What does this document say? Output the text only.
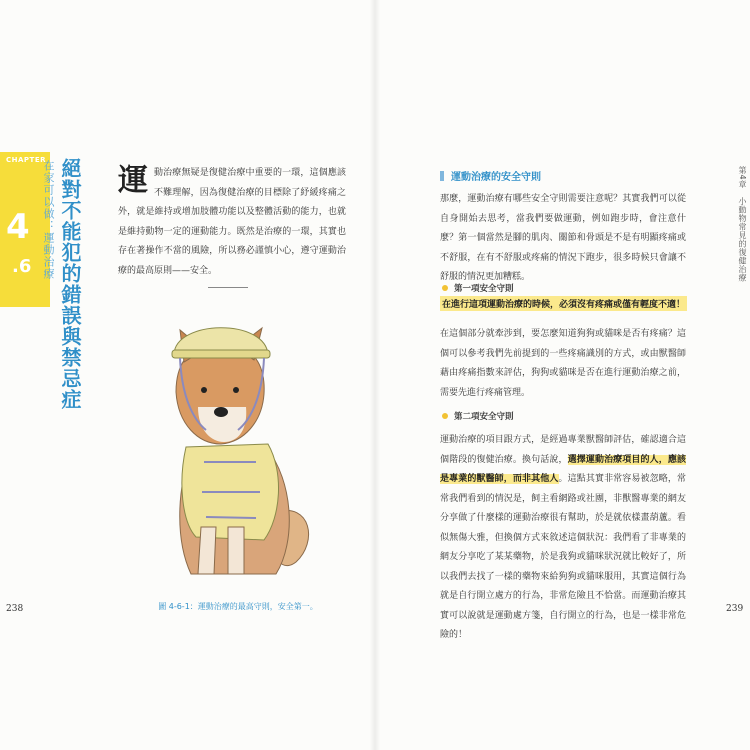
CHAPTER
4
.6 絕對不能犯的錯誤與禁忌症
在家可以做：運動治療 運動治療無疑是復健治療中重要的一環，這個應該不難理解，因為復健治療的目標除了紓緩疼痛之外，就是維持或增加肢體功能以及整體活動的能力，也就是維持動物一定的運動能力。既然是治療的一環，其實也存在著操作不當的風險，所以務必謹慎小心，遵守運動治療的最高原則——安全。
圖 4-6-1：運動治療的最高守則，安全第一。
238
第4章　小動物常見的復健治療
運動治療的安全守則
那麼，運動治療有哪些安全守則需要注意呢？其實我們可以從自身開始去思考，當我們要做運動，例如跑步時，會注意什麼？第一個當然是腳的肌肉、關節和骨頭是不是有明顯疼痛或不舒服，在有不舒服或疼痛的情況下跑步，很多時候只會讓不舒服的情況更加糟糕。
第一項安全守則
在進行這項運動治療的時候，必須沒有疼痛或僅有輕度不適！
在這個部分就牽涉到，要怎麼知道狗狗或貓咪是否有疼痛？這個可以參考我們先前提到的一些疼痛識別的方式，或由獸醫師藉由疼痛指數來評估，狗狗或貓咪是否在進行運動治療之前，需要先進行疼痛管理。
第二項安全守則
運動治療的項目跟方式，是經過專業獸醫師評估，確認適合這個階段的復健治療。換句話說，選擇運動治療項目的人，應該是專業的獸醫師，而非其他人。這點其實非常容易被忽略，常常我們看到的情況是，飼主看網路或社團，非獸醫專業的網友分享做了什麼樣的運動治療很有幫助，於是就依樣畫葫蘆。看似無傷大雅，但換個方式來敘述這個狀況：我們看了非專業的網友分享吃了某某藥物，於是我狗或貓咪狀況就比較好了，所以我們去找了一樣的藥物來給狗狗或貓咪服用，其實這個行為就是自行開立處方的行為，非常危險且不恰當。而運動治療其實可以說就是運動處方箋，自行開立的行為，也是一樣非常危險的！
239
